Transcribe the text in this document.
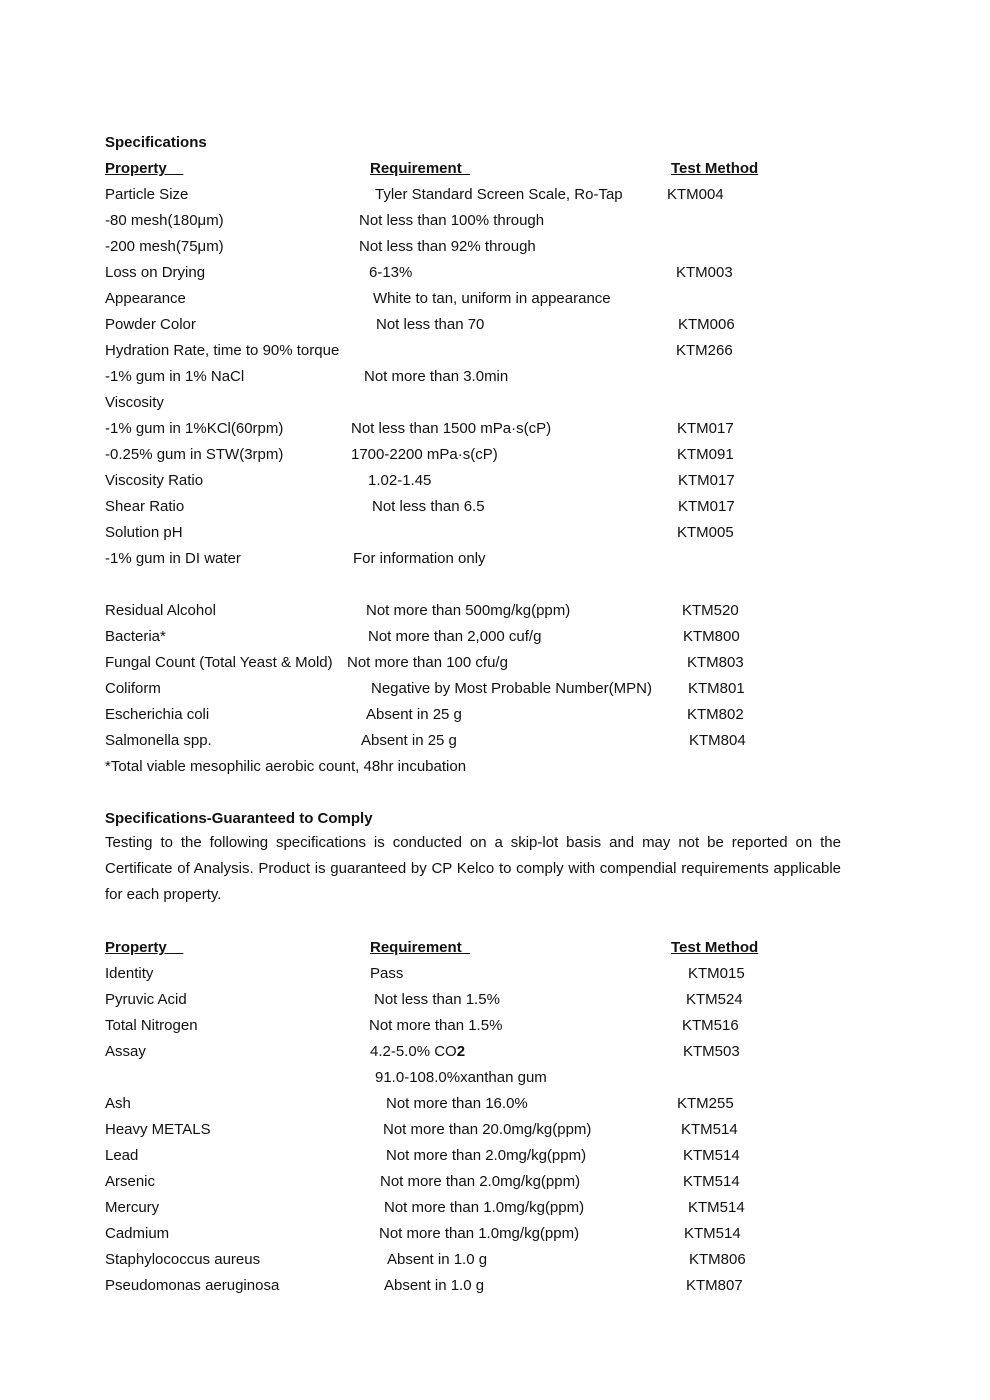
Specifications
Property	Requirement	Test Method
Particle Size	Tyler Standard Screen Scale, Ro-Tap	KTM004
-80 mesh(180μm)	Not less than 100% through
-200 mesh(75μm)	Not less than 92% through
Loss on Drying	6-13%	KTM003
Appearance	White to tan, uniform in appearance
Powder Color	Not less than 70	KTM006
Hydration Rate, time to 90% torque	KTM266
-1% gum in 1% NaCl	Not more than 3.0min
Viscosity
-1% gum in 1%KCl(60rpm)	Not less than 1500 mPa·s(cP)	KTM017
-0.25% gum in STW(3rpm)	1700-2200 mPa·s(cP)	KTM091
Viscosity Ratio	1.02-1.45	KTM017
Shear Ratio	Not less than 6.5	KTM017
Solution pH	KTM005
-1% gum in DI water	For information only
Residual Alcohol	Not more than 500mg/kg(ppm)	KTM520
Bacteria*	Not more than 2,000 cuf/g	KTM800
Fungal Count (Total Yeast & Mold) Not more than 100 cfu/g	KTM803
Coliform	Negative by Most Probable Number(MPN) KTM801
Escherichia coli	Absent in 25 g	KTM802
Salmonella spp.	Absent in 25 g	KTM804
*Total viable mesophilic aerobic count, 48hr incubation
Specifications-Guaranteed to Comply
Testing to the following specifications is conducted on a skip-lot basis and may not be reported on the Certificate of Analysis. Product is guaranteed by CP Kelco to comply with compendial requirements applicable for each property.
Property	Requirement	Test Method
Identity	Pass	KTM015
Pyruvic Acid	Not less than 1.5%	KTM524
Total Nitrogen	Not more than 1.5%	KTM516
Assay	4.2-5.0% CO2	KTM503
91.0-108.0%xanthan gum
Ash	Not more than 16.0%	KTM255
Heavy METALS	Not more than 20.0mg/kg(ppm)	KTM514
Lead	Not more than 2.0mg/kg(ppm)	KTM514
Arsenic	Not more than 2.0mg/kg(ppm)	KTM514
Mercury	Not more than 1.0mg/kg(ppm)	KTM514
Cadmium	Not more than 1.0mg/kg(ppm)	KTM514
Staphylococcus aureus	Absent in 1.0 g	KTM806
Pseudomonas aeruginosa	Absent in 1.0 g	KTM807
